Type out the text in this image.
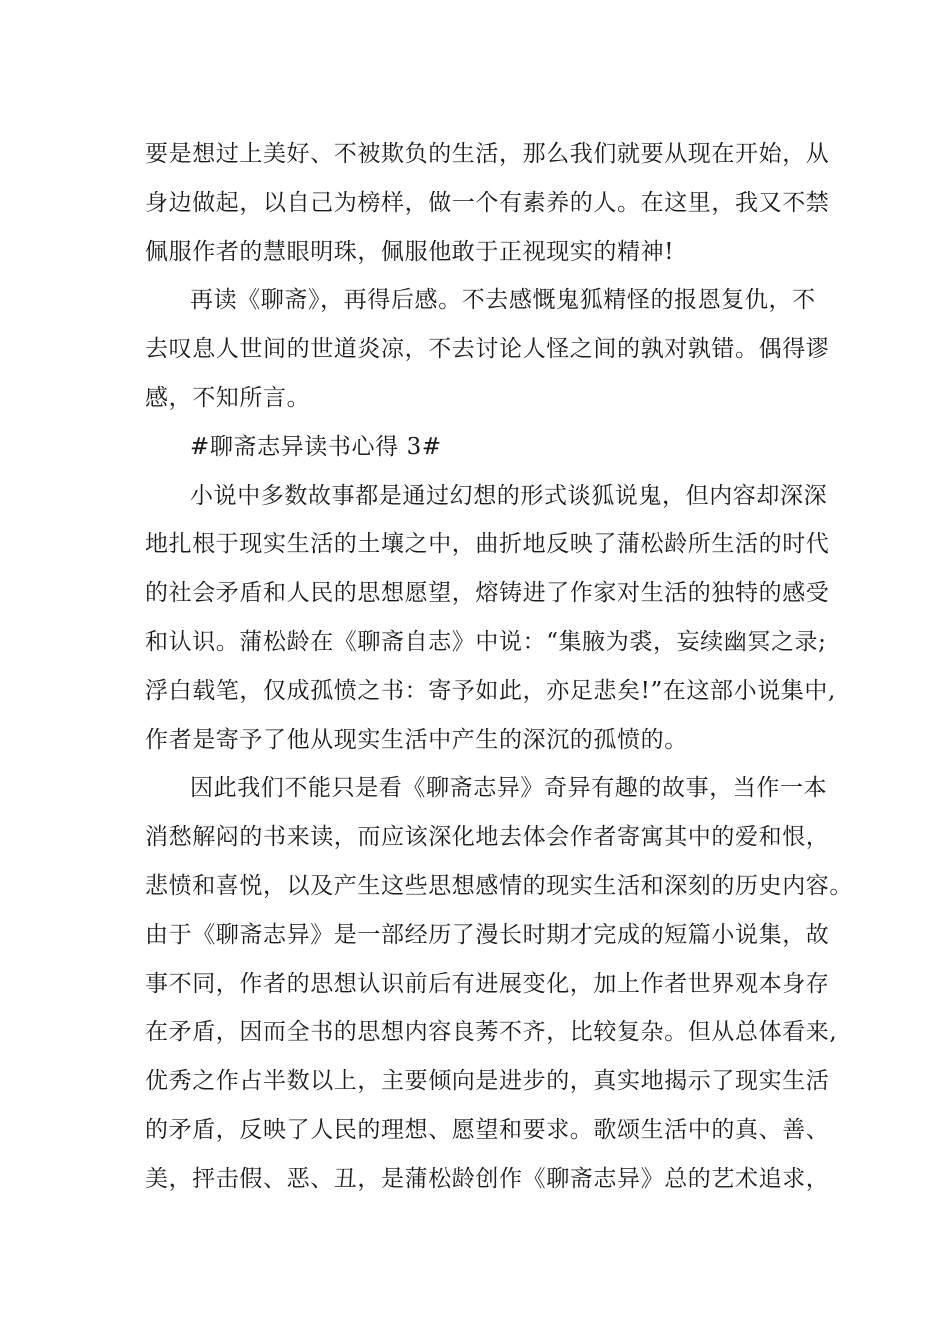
要是想过上美好、不被欺负的生活，那么我们就要从现在开始，从
身边做起，以自己为榜样，做一个有素养的人。在这里，我又不禁
佩服作者的慧眼明珠，佩服他敢于正视现实的精神!
再读《聊斋》，再得后感。不去感慨鬼狐精怪的报恩复仇，不
去叹息人世间的世道炎凉，不去讨论人怪之间的孰对孰错。偶得谬
感，不知所言。
#聊斋志异读书心得 3#
小说中多数故事都是通过幻想的形式谈狐说鬼，但内容却深深
地扎根于现实生活的土壤之中，曲折地反映了蒲松龄所生活的时代
的社会矛盾和人民的思想愿望，熔铸进了作家对生活的独特的感受
和认识。蒲松龄在《聊斋自志》中说：“集腋为裘，妄续幽冥之录;
浮白载笔，仅成孤愤之书：寄予如此，亦足悲矣!”在这部小说集中,
作者是寄予了他从现实生活中产生的深沉的孤愤的。
因此我们不能只是看《聊斋志异》奇异有趣的故事，当作一本
消愁解闷的书来读，而应该深化地去体会作者寄寓其中的爱和恨，
悲愤和喜悦，以及产生这些思想感情的现实生活和深刻的历史内容。
由于《聊斋志异》是一部经历了漫长时期才完成的短篇小说集，故
事不同，作者的思想认识前后有进展变化，加上作者世界观本身存
在矛盾，因而全书的思想内容良莠不齐，比较复杂。但从总体看来,
优秀之作占半数以上，主要倾向是进步的，真实地揭示了现实生活
的矛盾，反映了人民的理想、愿望和要求。歌颂生活中的真、善、
美，抨击假、恶、丑，是蒲松龄创作《聊斋志异》总的艺术追求，
